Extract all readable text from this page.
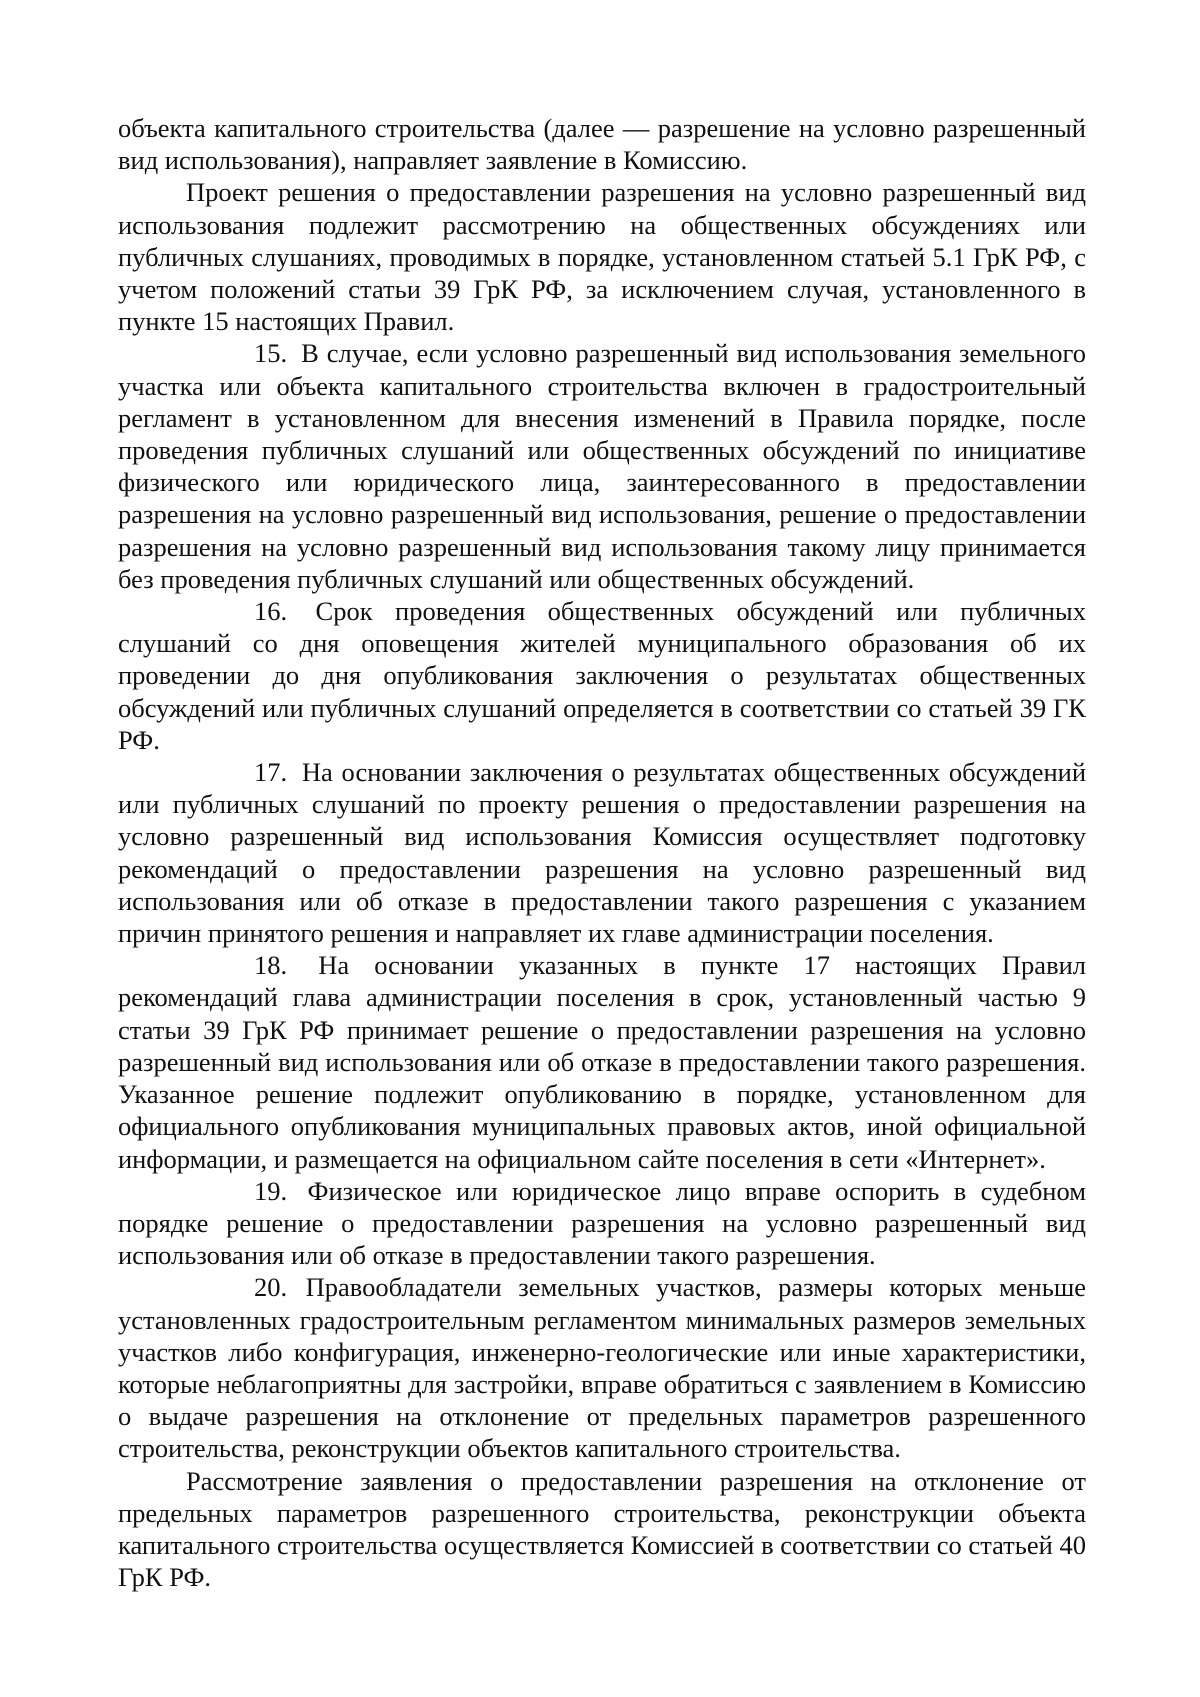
объекта капитального строительства (далее — разрешение на условно разрешенный вид использования), направляет заявление в Комиссию.

Проект решения о предоставлении разрешения на условно разрешенный вид использования подлежит рассмотрению на общественных обсуждениях или публичных слушаниях, проводимых в порядке, установленном статьей 5.1 ГрК РФ, с учетом положений статьи 39 ГрК РФ, за исключением случая, установленного в пункте 15 настоящих Правил.

15. В случае, если условно разрешенный вид использования земельного участка или объекта капитального строительства включен в градостроительный регламент в установленном для внесения изменений в Правила порядке, после проведения публичных слушаний или общественных обсуждений по инициативе физического или юридического лица, заинтересованного в предоставлении разрешения на условно разрешенный вид использования, решение о предоставлении разрешения на условно разрешенный вид использования такому лицу принимается без проведения публичных слушаний или общественных обсуждений.

16. Срок проведения общественных обсуждений или публичных слушаний со дня оповещения жителей муниципального образования об их проведении до дня опубликования заключения о результатах общественных обсуждений или публичных слушаний определяется в соответствии со статьей 39 ГК РФ.

17. На основании заключения о результатах общественных обсуждений или публичных слушаний по проекту решения о предоставлении разрешения на условно разрешенный вид использования Комиссия осуществляет подготовку рекомендаций о предоставлении разрешения на условно разрешенный вид использования или об отказе в предоставлении такого разрешения с указанием причин принятого решения и направляет их главе администрации поселения.

18. На основании указанных в пункте 17 настоящих Правил рекомендаций глава администрации поселения в срок, установленный частью 9 статьи 39 ГрК РФ принимает решение о предоставлении разрешения на условно разрешенный вид использования или об отказе в предоставлении такого разрешения. Указанное решение подлежит опубликованию в порядке, установленном для официального опубликования муниципальных правовых актов, иной официальной информации, и размещается на официальном сайте поселения в сети «Интернет».

19. Физическое или юридическое лицо вправе оспорить в судебном порядке решение о предоставлении разрешения на условно разрешенный вид использования или об отказе в предоставлении такого разрешения.

20. Правообладатели земельных участков, размеры которых меньше установленных градостроительным регламентом минимальных размеров земельных участков либо конфигурация, инженерно-геологические или иные характеристики, которые неблагоприятны для застройки, вправе обратиться с заявлением в Комиссию о выдаче разрешения на отклонение от предельных параметров разрешенного строительства, реконструкции объектов капитального строительства.

Рассмотрение заявления о предоставлении разрешения на отклонение от предельных параметров разрешенного строительства, реконструкции объекта капитального строительства осуществляется Комиссией в соответствии со статьей 40 ГрК РФ.
